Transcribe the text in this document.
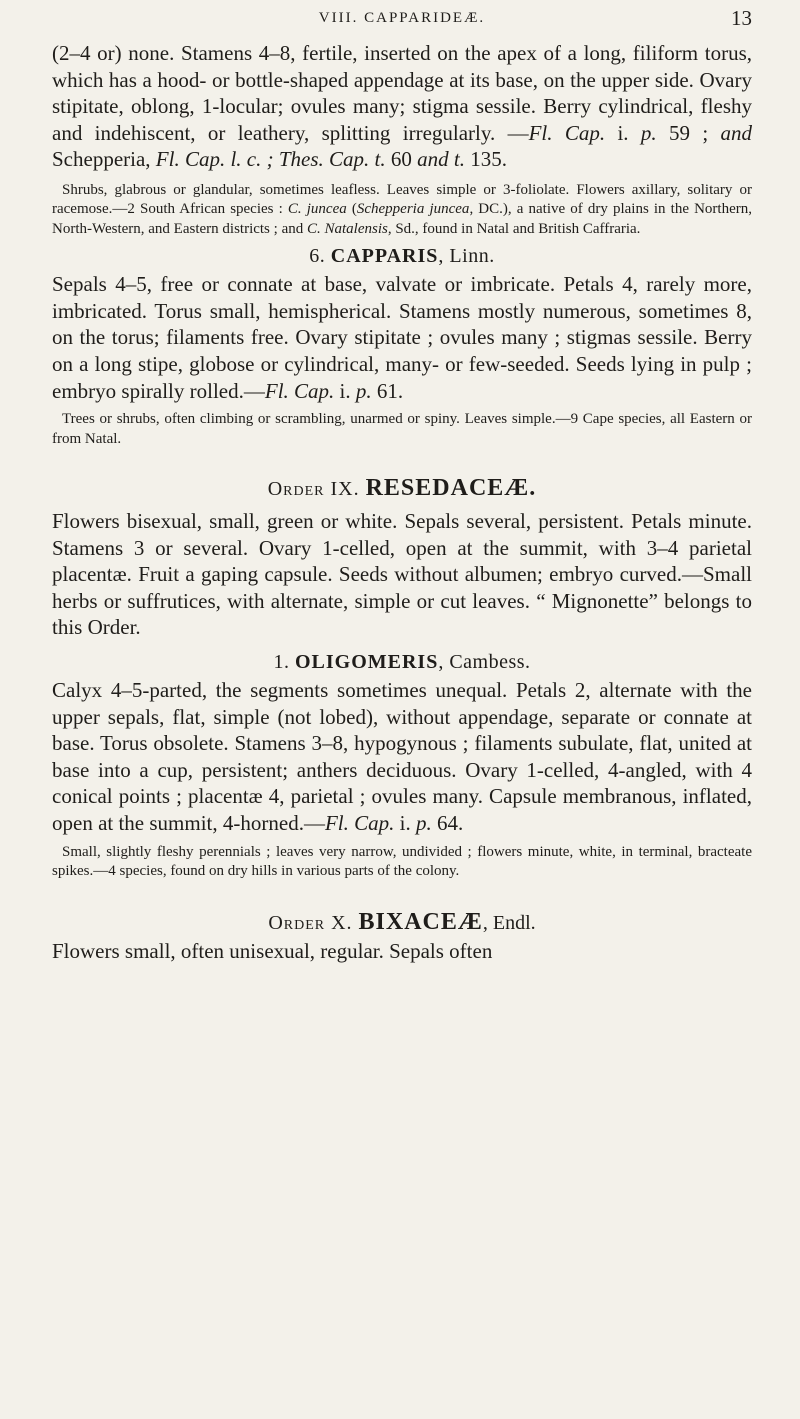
VIII. CAPPARIDEÆ.	13

(2–4 or) none. Stamens 4–8, fertile, inserted on the apex of a long, filiform torus, which has a hood- or bottle-shaped appendage at its base, on the upper side. Ovary stipitate, oblong, 1-locular; ovules many; stigma sessile. Berry cylindrical, fleshy and indehiscent, or leathery, splitting irregularly. —Fl. Cap. i. p. 59 ; and Schepperia, Fl. Cap. l. c. ; Thes. Cap. t. 60 and t. 135.

Shrubs, glabrous or glandular, sometimes leafless. Leaves simple or 3-foliolate. Flowers axillary, solitary or racemose.—2 South African species : C. juncea (Schepperia juncea, DC.), a native of dry plains in the Northern, North-Western, and Eastern districts ; and C. Natalensis, Sd., found in Natal and British Caffraria.

6. CAPPARIS, Linn.

Sepals 4–5, free or connate at base, valvate or imbricate. Petals 4, rarely more, imbricated. Torus small, hemispherical. Stamens mostly numerous, sometimes 8, on the torus; filaments free. Ovary stipitate ; ovules many ; stigmas sessile. Berry on a long stipe, globose or cylindrical, many- or few-seeded. Seeds lying in pulp ; embryo spirally rolled.—Fl. Cap. i. p. 61.

Trees or shrubs, often climbing or scrambling, unarmed or spiny. Leaves simple.—9 Cape species, all Eastern or from Natal.

Order IX. RESEDACEÆ.

Flowers bisexual, small, green or white. Sepals several, persistent. Petals minute. Stamens 3 or several. Ovary 1-celled, open at the summit, with 3–4 parietal placentæ. Fruit a gaping capsule. Seeds without albumen; embryo curved.—Small herbs or suffrutices, with alternate, simple or cut leaves. “ Mignonette” belongs to this Order.

1. OLIGOMERIS, Cambess.

Calyx 4–5-parted, the segments sometimes unequal. Petals 2, alternate with the upper sepals, flat, simple (not lobed), without appendage, separate or connate at base. Torus obsolete. Stamens 3–8, hypogynous ; filaments subulate, flat, united at base into a cup, persistent; anthers deciduous. Ovary 1-celled, 4-angled, with 4 conical points ; placentæ 4, parietal ; ovules many. Capsule membranous, inflated, open at the summit, 4-horned.—Fl. Cap. i. p. 64.

Small, slightly fleshy perennials ; leaves very narrow, undivided ; flowers minute, white, in terminal, bracteate spikes.—4 species, found on dry hills in various parts of the colony.

Order X. BIXACEÆ, Endl.

Flowers small, often unisexual, regular. Sepals often
